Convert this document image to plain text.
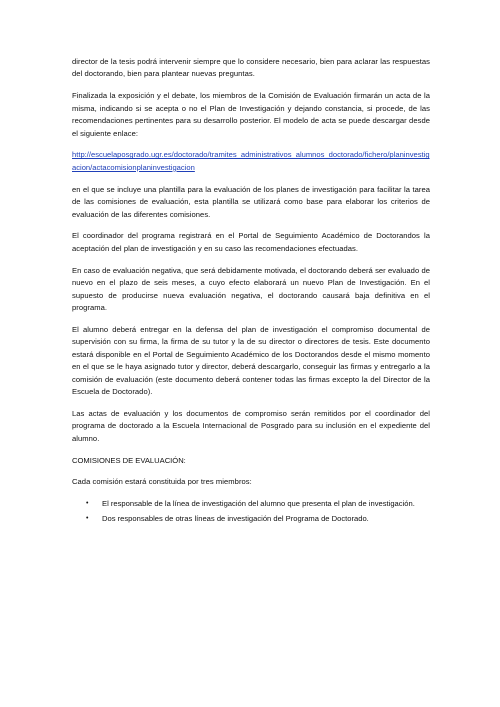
director de la tesis podrá intervenir siempre que lo considere necesario, bien para aclarar las respuestas del doctorando, bien para plantear nuevas preguntas.

Finalizada la exposición y el debate, los miembros de la Comisión de Evaluación firmarán un acta de la misma, indicando si se acepta o no el Plan de Investigación y dejando constancia, si procede, de las recomendaciones pertinentes para su desarrollo posterior. El modelo de acta se puede descargar desde el siguiente enlace:

http://escuelaposgrado.ugr.es/doctorado/tramites_administrativos_alumnos_doctorado/fichero/planinvestigacion/actacomisionplaninvestigacion

en el que se incluye una plantilla para la evaluación de los planes de investigación para facilitar la tarea de las comisiones de evaluación, esta plantilla se utilizará como base para elaborar los criterios de evaluación de las diferentes comisiones.

El coordinador del programa registrará en el Portal de Seguimiento Académico de Doctorandos la aceptación del plan de investigación y en su caso las recomendaciones efectuadas.

En caso de evaluación negativa, que será debidamente motivada, el doctorando deberá ser evaluado de nuevo en el plazo de seis meses, a cuyo efecto elaborará un nuevo Plan de Investigación. En el supuesto de producirse nueva evaluación negativa, el doctorando causará baja definitiva en el programa.

El alumno deberá entregar en la defensa del plan de investigación el compromiso documental de supervisión con su firma, la firma de su tutor y la de su director o directores de tesis. Este documento estará disponible en el Portal de Seguimiento Académico de los Doctorandos desde el mismo momento en el que se le haya asignado tutor y director, deberá descargarlo, conseguir las firmas y entregarlo a la comisión de evaluación (este documento deberá contener todas las firmas excepto la del Director de la Escuela de Doctorado).

Las actas de evaluación y los documentos de compromiso serán remitidos por el coordinador del programa de doctorado a la Escuela Internacional de Posgrado para su inclusión en el expediente del alumno.

COMISIONES DE EVALUACIÓN:

Cada comisión estará constituida por tres miembros:

• El responsable de la línea de investigación del alumno que presenta el plan de investigación.
• Dos responsables de otras líneas de investigación del Programa de Doctorado.
